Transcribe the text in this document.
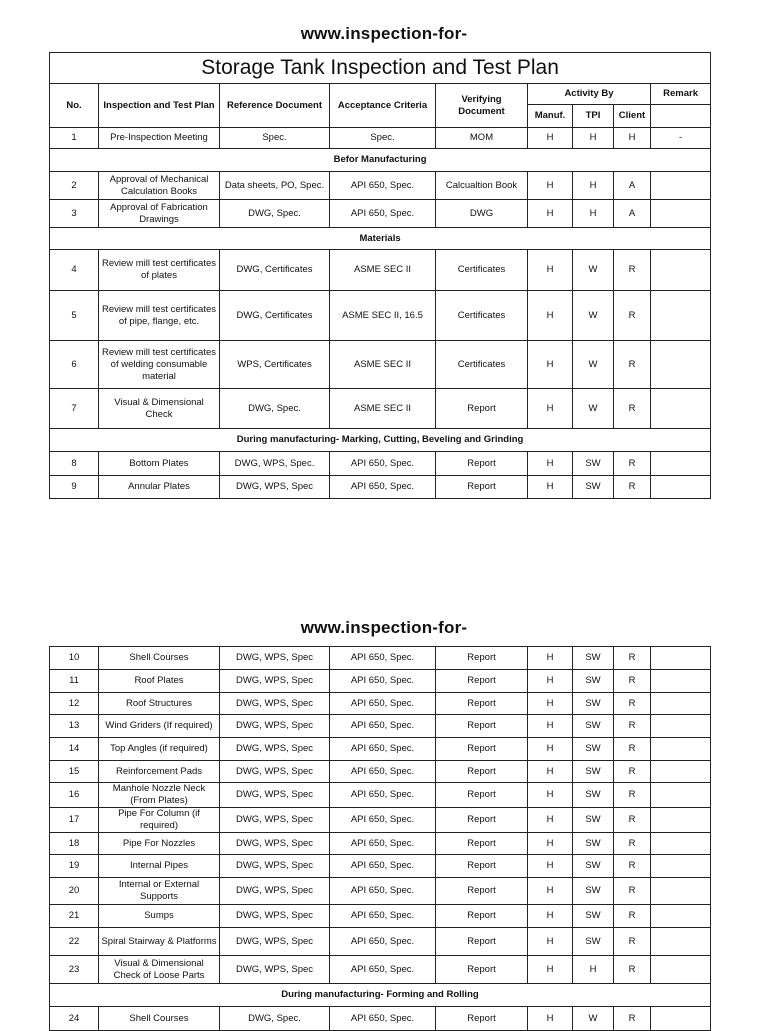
www.inspection-for-
Storage Tank Inspection and Test Plan								
No.	Inspection and Test Plan	Reference Document	Acceptance Criteria	Verifying Document	Activity By			Remark
					Manuf.	TPI	Client	
1	Pre-Inspection Meeting	Spec.	Spec.	MOM	H	H	H	-
Befor Manufacturing								
2	Approval of Mechanical Calculation Books	Data sheets, PO, Spec.	API 650, Spec.	Calcualtion Book	H	H	A	
3	Approval of Fabrication Drawings	DWG, Spec.	API 650, Spec.	DWG	H	H	A	
Materials								
4	Review mill test certificates of plates	DWG, Certificates	ASME SEC II	Certificates	H	W	R	
5	Review mill test certificates of pipe, flange, etc.	DWG, Certificates	ASME SEC II, 16.5	Certificates	H	W	R	
6	Review mill test certificates of welding consumable material	WPS, Certificates	ASME SEC II	Certificates	H	W	R	
7	Visual & Dimensional Check	DWG, Spec.	ASME SEC II	Report	H	W	R	
During manufacturing- Marking, Cutting, Beveling and Grinding								
8	Bottom Plates	DWG, WPS, Spec.	API 650, Spec.	Report	H	SW	R	
9	Annular Plates	DWG, WPS, Spec	API 650, Spec.	Report	H	SW	R	
www.inspection-for-
10	Shell Courses	DWG, WPS, Spec	API 650, Spec.	Report	H	SW	R	
11	Roof Plates	DWG, WPS, Spec	API 650, Spec.	Report	H	SW	R	
12	Roof Structures	DWG, WPS, Spec	API 650, Spec.	Report	H	SW	R	
13	Wind Griders (If required)	DWG, WPS, Spec	API 650, Spec.	Report	H	SW	R	
14	Top Angles (if required)	DWG, WPS, Spec	API 650, Spec.	Report	H	SW	R	
15	Reinforcement Pads	DWG, WPS, Spec	API 650, Spec.	Report	H	SW	R	
16	Manhole Nozzle Neck (From Plates)	DWG, WPS, Spec	API 650, Spec.	Report	H	SW	R	
17	Pipe For Column (if required)	DWG, WPS, Spec	API 650, Spec.	Report	H	SW	R	
18	Pipe For Nozzles	DWG, WPS, Spec	API 650, Spec.	Report	H	SW	R	
19	Internal Pipes	DWG, WPS, Spec	API 650, Spec.	Report	H	SW	R	
20	Internal or External Supports	DWG, WPS, Spec	API 650, Spec.	Report	H	SW	R	
21	Sumps	DWG, WPS, Spec	API 650, Spec.	Report	H	SW	R	
22	Spiral Stairway & Platforms	DWG, WPS, Spec	API 650, Spec.	Report	H	SW	R	
23	Visual & Dimensional Check of Loose Parts	DWG, WPS, Spec	API 650, Spec.	Report	H	H	R	
During manufacturing- Forming and Rolling								
24	Shell Courses	DWG, Spec.	API 650, Spec.	Report	H	W	R	
